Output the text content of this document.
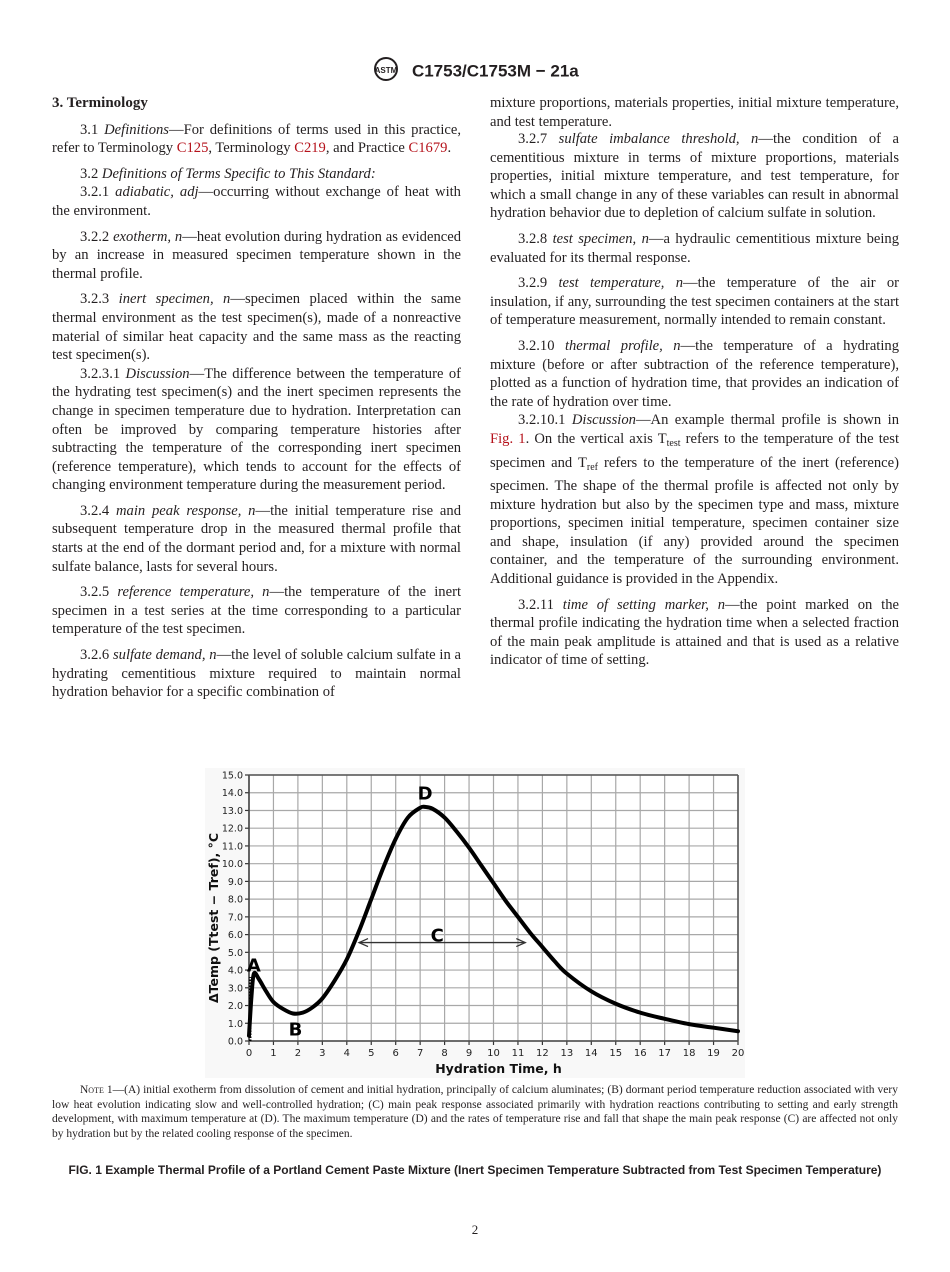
ASTM C1753/C1753M − 21a
3. Terminology

3.1 Definitions—For definitions of terms used in this practice, refer to Terminology C125, Terminology C219, and Practice C1679.

3.2 Definitions of Terms Specific to This Standard:

3.2.1 adiabatic, adj—occurring without exchange of heat with the environment.

3.2.2 exotherm, n—heat evolution during hydration as evidenced by an increase in measured specimen temperature shown in the thermal profile.

3.2.3 inert specimen, n—specimen placed within the same thermal environment as the test specimen(s), made of a nonreactive material of similar heat capacity and the same mass as the reacting test specimen(s).

3.2.3.1 Discussion—The difference between the temperature of the hydrating test specimen(s) and the inert specimen represents the change in specimen temperature due to hydration. Interpretation can often be improved by comparing temperature histories after subtracting the temperature of the corresponding inert specimen (reference temperature), which tends to account for the effects of changing environment temperature during the measurement period.

3.2.4 main peak response, n—the initial temperature rise and subsequent temperature drop in the measured thermal profile that starts at the end of the dormant period and, for a mixture with normal sulfate balance, lasts for several hours.

3.2.5 reference temperature, n—the temperature of the inert specimen in a test series at the time corresponding to a particular temperature of the test specimen.

3.2.6 sulfate demand, n—the level of soluble calcium sulfate in a hydrating cementitious mixture required to maintain normal hydration behavior for a specific combination of

3.2.7 sulfate imbalance threshold, n—the condition of a cementitious mixture in terms of mixture proportions, materials properties, initial mixture temperature, and test temperature, for which a small change in any of these variables can result in abnormal hydration behavior due to depletion of calcium sulfate in solution.

3.2.8 test specimen, n—a hydraulic cementitious mixture being evaluated for its thermal response.

3.2.9 test temperature, n—the temperature of the air or insulation, if any, surrounding the test specimen containers at the start of temperature measurement, normally intended to remain constant.

3.2.10 thermal profile, n—the temperature of a hydrating mixture (before or after subtraction of the reference temperature), plotted as a function of hydration time, that provides an indication of the rate of hydration over time.

3.2.10.1 Discussion—An example thermal profile is shown in Fig. 1. On the vertical axis $T_{test}$ refers to the temperature of the test specimen and $T_{ref}$ refers to the temperature of the inert (reference) specimen. The shape of the thermal profile is affected not only by mixture hydration but also by the specimen type and mass, mixture proportions, specimen initial temperature, specimen container size and shape, insulation (if any) provided around the specimen container, and the temperature of the surrounding environment. Additional guidance is provided in the Appendix.

3.2.11 time of setting marker, n—the point marked on the thermal profile indicating the hydration time when a selected fraction of the main peak amplitude is attained and that is used as a relative indicator of time of setting.

mixture proportions, materials properties, initial mixture temperature, and test temperature.
0 1 2 3 4 5 6 7 8 9 10 11 12 13 14 15 16 17 18 19 20
0.0
1.0
2.0
3.0
4.0
5.0
6.0
7.0
8.0
9.0
10.0
11.0
12.0
13.0
14.0
15.0
A
B
C
D
Hydration Time, h
ΔTemp (Ttest − Tref), °C
Note 1—(A) initial exotherm from dissolution of cement and initial hydration, principally of calcium aluminates; (B) dormant period temperature reduction associated with very low heat evolution indicating slow and well-controlled hydration; (C) main peak response associated primarily with hydration reactions contributing to setting and early strength development, with maximum temperature at (D). The maximum temperature (D) and the rates of temperature rise and fall that shape the main peak response (C) are affected not only by hydration but by the related cooling response of the specimen.
FIG. 1 Example Thermal Profile of a Portland Cement Paste Mixture (Inert Specimen Temperature Subtracted from Test Specimen Temperature)
2
